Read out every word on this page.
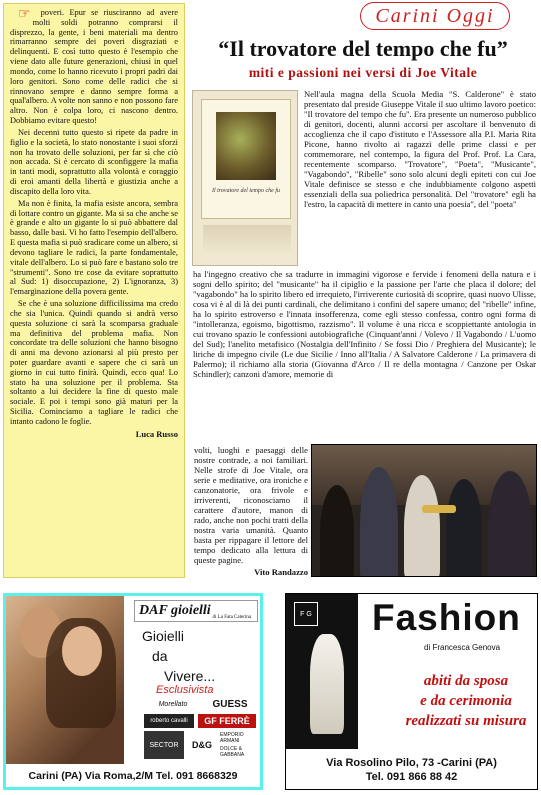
☞ poveri. Epur se riusciranno ad avere molti soldi potranno comprarsi il disprezzo, la gente, i beni materiali ma dentro rimarranno sempre dei poveri disgraziati e delinquenti. E così tutto questo è l'esempio che viene dato alle future generazioni, chiusi in quel mondo, come lo hanno ricevuto i propri padri dai loro genitori. Sono come delle radici che si rinnovano sempre e danno sempre forma a qual'albero. A volte non sanno e non possono fare altro. Non è colpa loro, ci nascono dentro. Dobbiamo evitare questo!

Nei decenni tutto questo si ripete da padre in figlio e la società, lo stato nonostante i suoi sforzi non ha trovato delle soluzioni, per far sì che ciò non accada. Si è cercato di sconfiggere la mafia in tanti modi, soprattutto alla volontà e coraggio di eroi amanti della libertà e giustizia anche a discapito della loro vita.

Ma non è finita, la mafia esiste ancora, sembra di lottare contro un gigante. Ma si sa che anche se è grande e alto un gigante lo si può abbattere dal basso, dalle basi. Vi ho fatto l'esempio dell'albero. E questa mafia si può sradicare come un albero, si devono tagliare le radici, la parte fondamentale, vitale dell'albero. Lo si può fare e bastano solo tre "strumenti". Sono tre cose da evitare soprattutto al Sud: 1) disoccupazione, 2) L'ignoranza, 3) l'emarginazione della povera gente.

Se che è una soluzione difficilissima ma credo che sia l'unica. Quindi quando si andrà verso questa soluzione ci sarà la scomparsa graduale ma definitiva del problema mafia. Non concordate tra delle soluzioni che hanno bisogno di anni ma devono azionarsi al più presto per poter guardare avanti e sapere che ci sarà un giorno in cui tutto finirà. Quindi, ecco qua! Lo stato ha una soluzione per il problema. Sta soltanto a lui decidere la fine di questo male sociale. E poi i tempi sono già maturi per la Sicilia. Cominciamo a tagliare le radici che intanto cadono le foglie.

Luca Russo

Carini Oggi
“Il trovatore del tempo che fu”
miti e passioni nei versi di Joe Vitale
Il trovatore del tempo che fu

Nell'aula magna della Scuola Media "S. Calderone" è stato presentato dal preside Giuseppe Vitale il suo ultimo lavoro poetico: "Il trovatore del tempo che fu". Era presente un numeroso pubblico di genitori, docenti, alunni accorsi per ascoltare il benvenuto di accoglienza che il capo d'istituto e l'Assessore alla P.I. Maria Rita Picone, hanno rivolto ai ragazzi delle prime classi e per commemorare, nel contempo, la figura del Prof. Prof. La Cara, recentemente scomparso. "Trovatore", "Poeta", "Musicante", "Vagabondo", "Ribelle" sono solo alcuni degli epiteti con cui Joe Vitale definisce se stesso e che indubbiamente colgono aspetti essenziali della sua poliedrica personalità. Del "trovatore" egli ha l'estro, la capacità di mettere in canto una poesia", del "poeta"

ha l'ingegno creativo che sa tradurre in immagini vigorose e fervide i fenomeni della natura e i sogni dello spirito; del "musicante" ha il cipiglio e la passione per l'arte che placa il dolore; del "vagabondo" ha lo spirito libero ed irrequieto, l'irriverente curiosità di scoprire, quasi nuovo Ulisse, cosa vi è al di là dei punti cardinali, che delimitano i confini del sapere umano; del "ribelle" infine, ha lo spirito estroverso e l'innata insofferenza, come egli stesso confessa, contro ogni forma di "intolleranza, egoismo, bigottismo, razzismo". Il volume è una ricca e scoppiettante antologia in cui trovano spazio le confessioni autobiografiche (Cinquant'anni / Volevo / Il Vagabondo / L'uomo del Sud); l'anelito metafisico (Nostalgia dell'Infinito / Se fossi Dio / Preghiera del Musicante); le liriche di impegno civile (Le due Sicilie / Inno all'Italia / A Salvatore Calderone / La primavera di Palermo); il richiamo alla storia (Giovanna d'Arco / Il re della montagna / Canzone per Oskar Schindler); canzoni d'amore, memorie di

volti, luoghi e paesaggi delle nostre contrade, a noi familiari. Nelle strofe di Joe Vitale, ora serie e meditative, ora ironiche e canzonatorie, ora frivole e irriverenti, riconosciamo il carattere d'autore, manon di rado, anche non pochi tratti della nostra varia umanità. Quanto basta per rippagare il lettore del tempo dedicato alla lettura di queste pagine.

Vito Randazzo

DAF gioielli di La Fata Caterina
Gioielli
da
Vivere...
Esclusivista
Morellato	GUESS
roberto cavalli	GF FERRÈ
SECTOR	D&G
EMPORIO ARMANI
DOLCE & GABBANA
Carini (PA) Via Roma,2/M Tel. 091 8668329
F G Fashion
di Francesca Genova
abiti da sposa
e da cerimonia
realizzati su misura
Via Rosolino Pilo, 73 -Carini (PA)
Tel. 091 866 88 42
